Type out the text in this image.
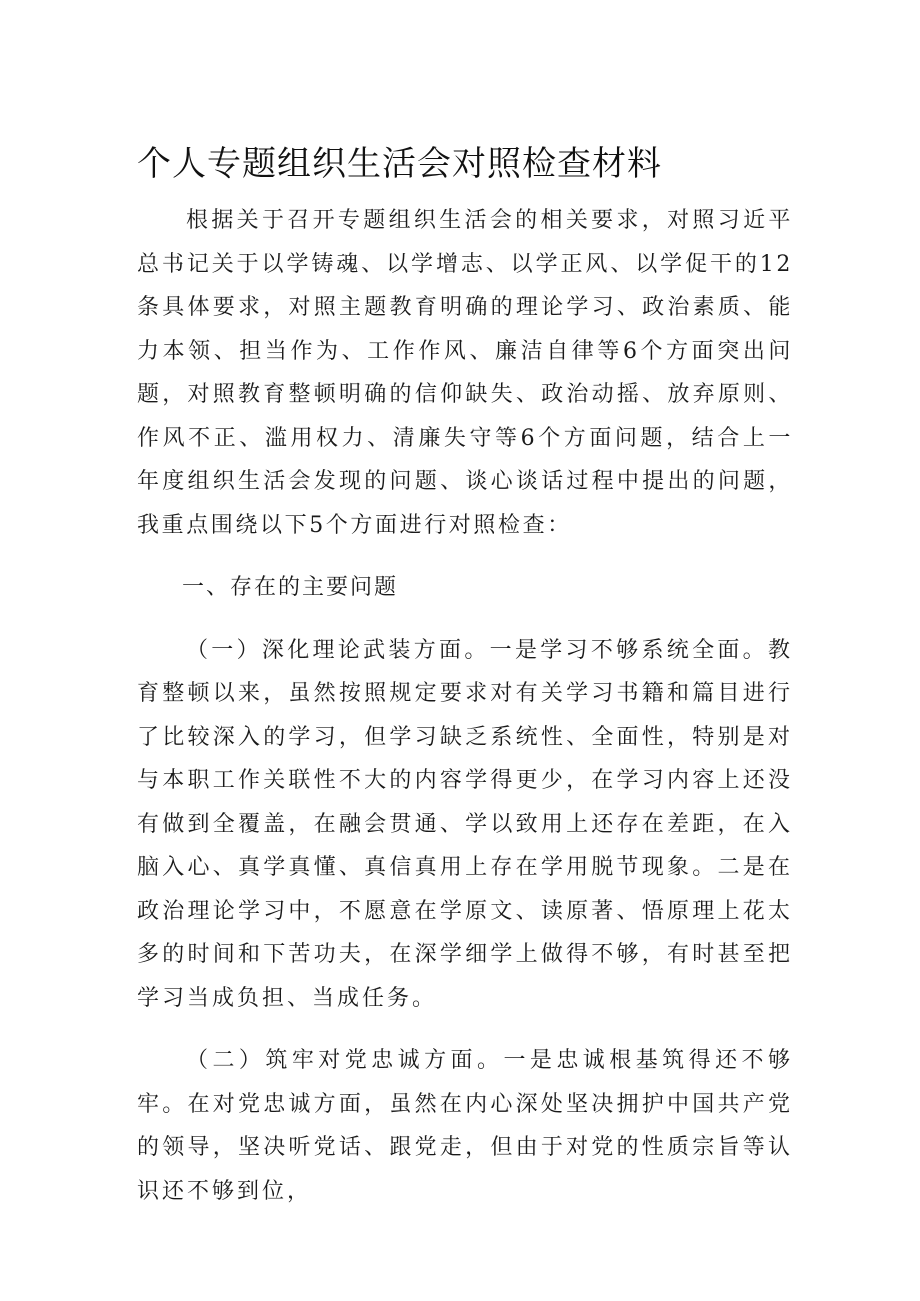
个人专题组织生活会对照检查材料

根据关于召开专题组织生活会的相关要求，对照习近平总书记关于以学铸魂、以学增志、以学正风、以学促干的12条具体要求，对照主题教育明确的理论学习、政治素质、能力本领、担当作为、工作作风、廉洁自律等6个方面突出问题，对照教育整顿明确的信仰缺失、政治动摇、放弃原则、作风不正、滥用权力、清廉失守等6个方面问题，结合上一年度组织生活会发现的问题、谈心谈话过程中提出的问题，我重点围绕以下5个方面进行对照检查：

一、存在的主要问题

（一）深化理论武装方面。一是学习不够系统全面。教育整顿以来，虽然按照规定要求对有关学习书籍和篇目进行了比较深入的学习，但学习缺乏系统性、全面性，特别是对与本职工作关联性不大的内容学得更少，在学习内容上还没有做到全覆盖，在融会贯通、学以致用上还存在差距，在入脑入心、真学真懂、真信真用上存在学用脱节现象。二是在政治理论学习中，不愿意在学原文、读原著、悟原理上花太多的时间和下苦功夫，在深学细学上做得不够，有时甚至把学习当成负担、当成任务。

（二）筑牢对党忠诚方面。一是忠诚根基筑得还不够牢。在对党忠诚方面，虽然在内心深处坚决拥护中国共产党的领导，坚决听党话、跟党走，但由于对党的性质宗旨等认识还不够到位，
